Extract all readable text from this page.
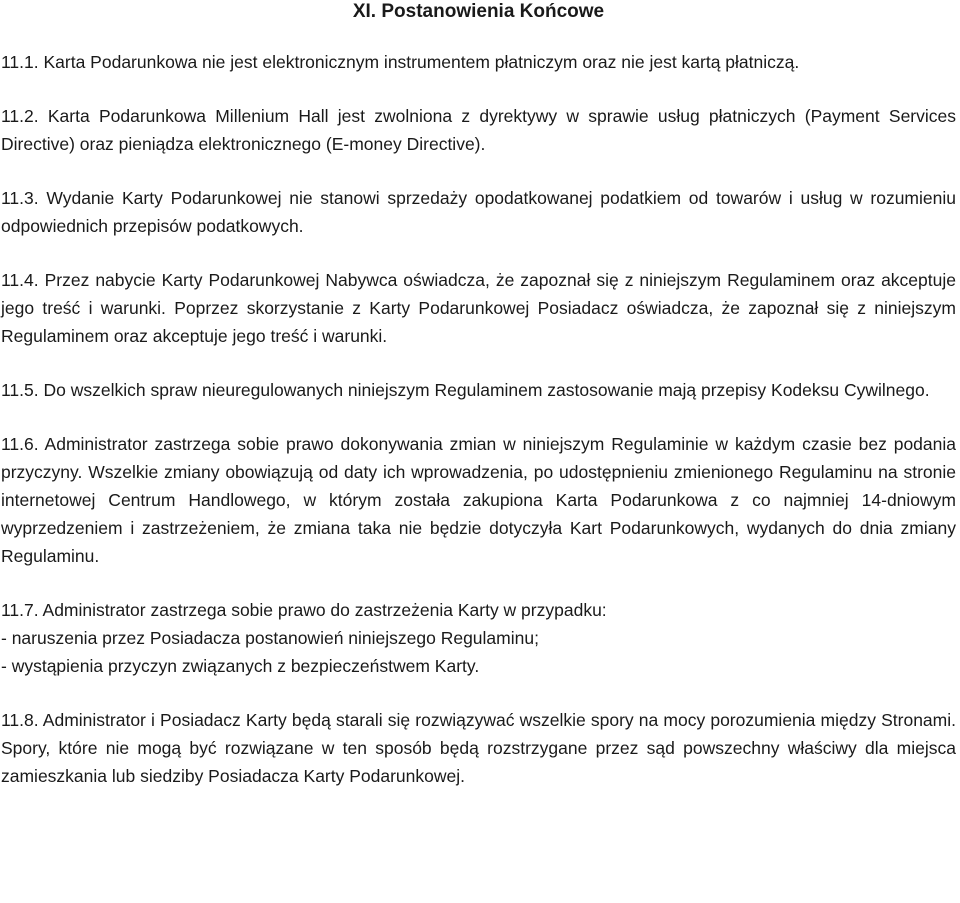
XI. Postanowienia Końcowe

11.1. Karta Podarunkowa nie jest elektronicznym instrumentem płatniczym oraz nie jest kartą płatniczą.

11.2. Karta Podarunkowa Millenium Hall jest zwolniona z dyrektywy w sprawie usług płatniczych (Payment Services Directive) oraz pieniądza elektronicznego (E-money Directive).

11.3. Wydanie Karty Podarunkowej nie stanowi sprzedaży opodatkowanej podatkiem od towarów i usług w rozumieniu odpowiednich przepisów podatkowych.

11.4. Przez nabycie Karty Podarunkowej Nabywca oświadcza, że zapoznał się z niniejszym Regulaminem oraz akceptuje jego treść i warunki. Poprzez skorzystanie z Karty Podarunkowej Posiadacz oświadcza, że zapoznał się z niniejszym Regulaminem oraz akceptuje jego treść i warunki.

11.5. Do wszelkich spraw nieuregulowanych niniejszym Regulaminem zastosowanie mają przepisy Kodeksu Cywilnego.

11.6. Administrator zastrzega sobie prawo dokonywania zmian w niniejszym Regulaminie w każdym czasie bez podania przyczyny. Wszelkie zmiany obowiązują od daty ich wprowadzenia, po udostępnieniu zmienionego Regulaminu na stronie internetowej Centrum Handlowego, w którym została zakupiona Karta Podarunkowa z co najmniej 14-dniowym wyprzedzeniem i zastrzeżeniem, że zmiana taka nie będzie dotyczyła Kart Podarunkowych, wydanych do dnia zmiany Regulaminu.

11.7. Administrator zastrzega sobie prawo do zastrzeżenia Karty w przypadku:
- naruszenia przez Posiadacza postanowień niniejszego Regulaminu;
- wystąpienia przyczyn związanych z bezpieczeństwem Karty.

11.8. Administrator i Posiadacz Karty będą starali się rozwiązywać wszelkie spory na mocy porozumienia między Stronami. Spory, które nie mogą być rozwiązane w ten sposób będą rozstrzygane przez sąd powszechny właściwy dla miejsca zamieszkania lub siedziby Posiadacza Karty Podarunkowej.
